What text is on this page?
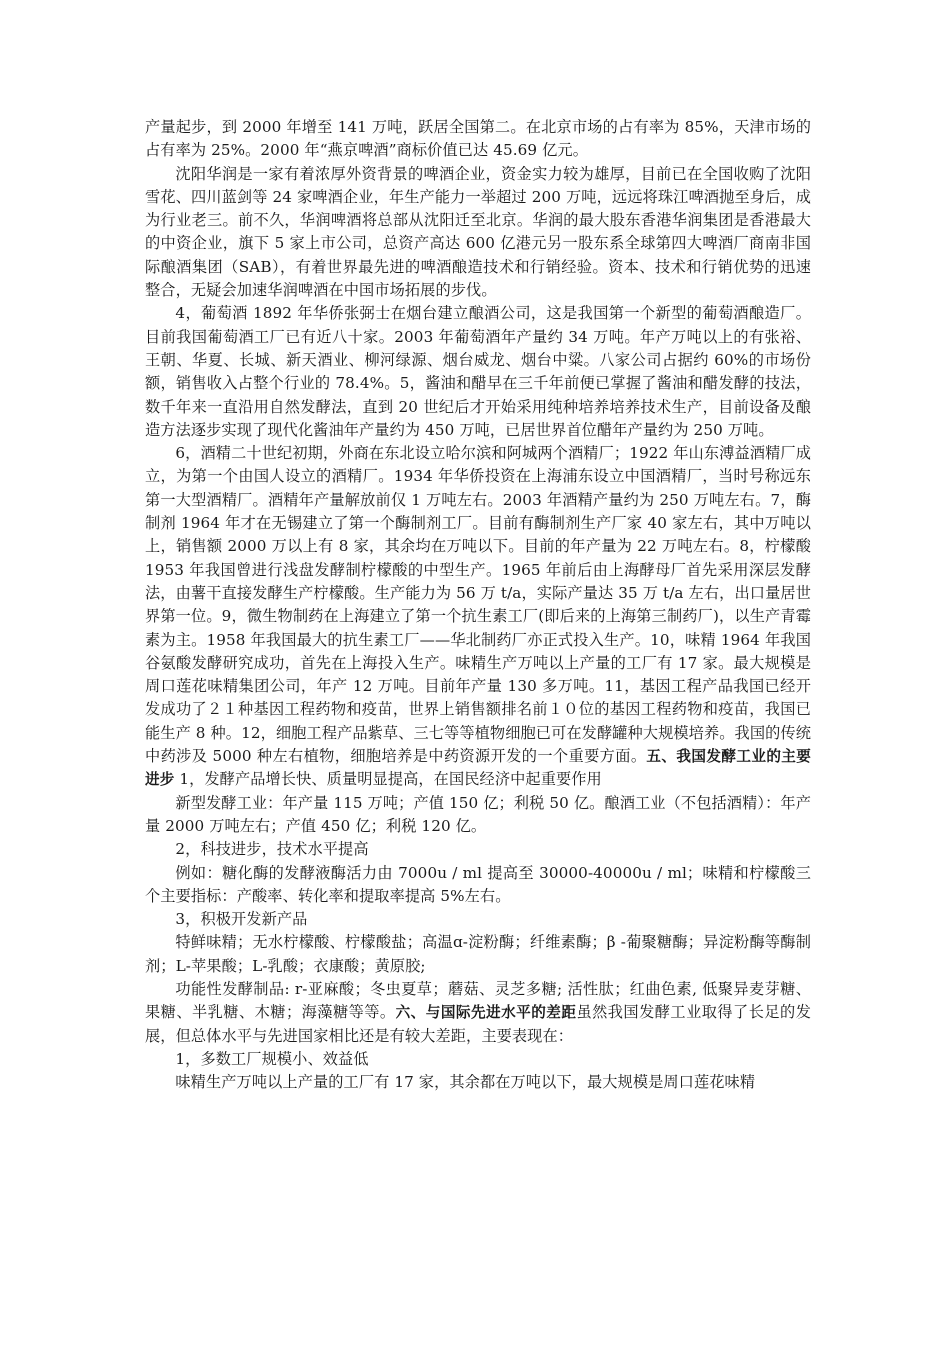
产量起步，到 2000 年增至 141 万吨，跃居全国第二。在北京市场的占有率为 85%，天津市场的占有率为 25%。2000 年“燕京啤酒”商标价值已达 45.69 亿元。

沈阳华润是一家有着浓厚外资背景的啤酒企业，资金实力较为雄厚，目前已在全国收购了沈阳雪花、四川蓝剑等 24 家啤酒企业，年生产能力一举超过 200 万吨，远远将珠江啤酒抛至身后，成为行业老三。前不久，华润啤酒将总部从沈阳迁至北京。华润的最大股东香港华润集团是香港最大的中资企业，旗下 5 家上市公司，总资产高达 600 亿港元另一股东系全球第四大啤酒厂商南非国际酿酒集团（SAB），有着世界最先进的啤酒酿造技术和行销经验。资本、技术和行销优势的迅速整合，无疑会加速华润啤酒在中国市场拓展的步伐。

4，葡萄酒 1892 年华侨张弼士在烟台建立酿酒公司，这是我国第一个新型的葡萄酒酿造厂。目前我国葡萄酒工厂已有近八十家。2003 年葡萄酒年产量约 34 万吨。年产万吨以上的有张裕、王朝、华夏、长城、新天酒业、柳河绿源、烟台威龙、烟台中粱。八家公司占据约 60%的市场份额，销售收入占整个行业的 78.4%。5，酱油和醋早在三千年前便已掌握了酱油和醋发酵的技法，数千年来一直沿用自然发酵法，直到 20 世纪后才开始采用纯种培养培养技术生产，目前设备及酿造方法逐步实现了现代化酱油年产量约为 450 万吨，已居世界首位醋年产量约为 250 万吨。

6，酒精二十世纪初期，外商在东北设立哈尔滨和阿城两个酒精厂；1922 年山东溥益酒精厂成立，为第一个由国人设立的酒精厂。1934 年华侨投资在上海浦东设立中国酒精厂，当时号称远东第一大型酒精厂。酒精年产量解放前仅 1 万吨左右。2003 年酒精产量约为 250 万吨左右。7，酶制剂 1964 年才在无锡建立了第一个酶制剂工厂。目前有酶制剂生产厂家 40 家左右，其中万吨以上，销售额 2000 万以上有 8 家，其余均在万吨以下。目前的年产量为 22 万吨左右。8，柠檬酸 1953 年我国曾进行浅盘发酵制柠檬酸的中型生产。1965 年前后由上海酵母厂首先采用深层发酵法，由薯干直接发酵生产柠檬酸。生产能力为 56 万 t/a，实际产量达 35 万 t/a 左右，出口量居世界第一位。9，微生物制药在上海建立了第一个抗生素工厂(即后来的上海第三制药厂)，以生产青霉素为主。1958 年我国最大的抗生素工厂——华北制药厂亦正式投入生产。10，味精 1964 年我国谷氨酸发酵研究成功，首先在上海投入生产。味精生产万吨以上产量的工厂有 17 家。最大规模是周口莲花味精集团公司，年产 12 万吨。目前年产量 130 多万吨。11，基因工程产品我国已经开发成功了２１种基因工程药物和疫苗，世界上销售额排名前１０位的基因工程药物和疫苗，我国已能生产 8 种。12，细胞工程产品紫草、三七等等植物细胞已可在发酵罐种大规模培养。我国的传统中药涉及 5000 种左右植物，细胞培养是中药资源开发的一个重要方面。五、我国发酵工业的主要进步 1，发酵产品增长快、质量明显提高，在国民经济中起重要作用

新型发酵工业：年产量 115 万吨；产值 150 亿；利税 50 亿。酿酒工业（不包括酒精）：年产量 2000 万吨左右；产值 450 亿；利税 120 亿。

2，科技进步，技术水平提高

例如：糖化酶的发酵液酶活力由 7000u / ml 提高至 30000-40000u / ml；味精和柠檬酸三个主要指标：产酸率、转化率和提取率提高 5%左右。

3，积极开发新产品

特鲜味精；无水柠檬酸、柠檬酸盐；高温ɑ-淀粉酶；纤维素酶；β -葡聚糖酶；异淀粉酶等酶制剂；L-苹果酸；L-乳酸；衣康酸；黄原胶;

功能性发酵制品: r-亚麻酸；冬虫夏草；蘑菇、灵芝多糖; 活性肽；红曲色素, 低聚异麦芽糖、果糖、半乳糖、木糖；海藻糖等等。六、与国际先进水平的差距虽然我国发酵工业取得了长足的发展，但总体水平与先进国家相比还是有较大差距，主要表现在：

1，多数工厂规模小、效益低

味精生产万吨以上产量的工厂有 17 家，其余都在万吨以下，最大规模是周口莲花味精
